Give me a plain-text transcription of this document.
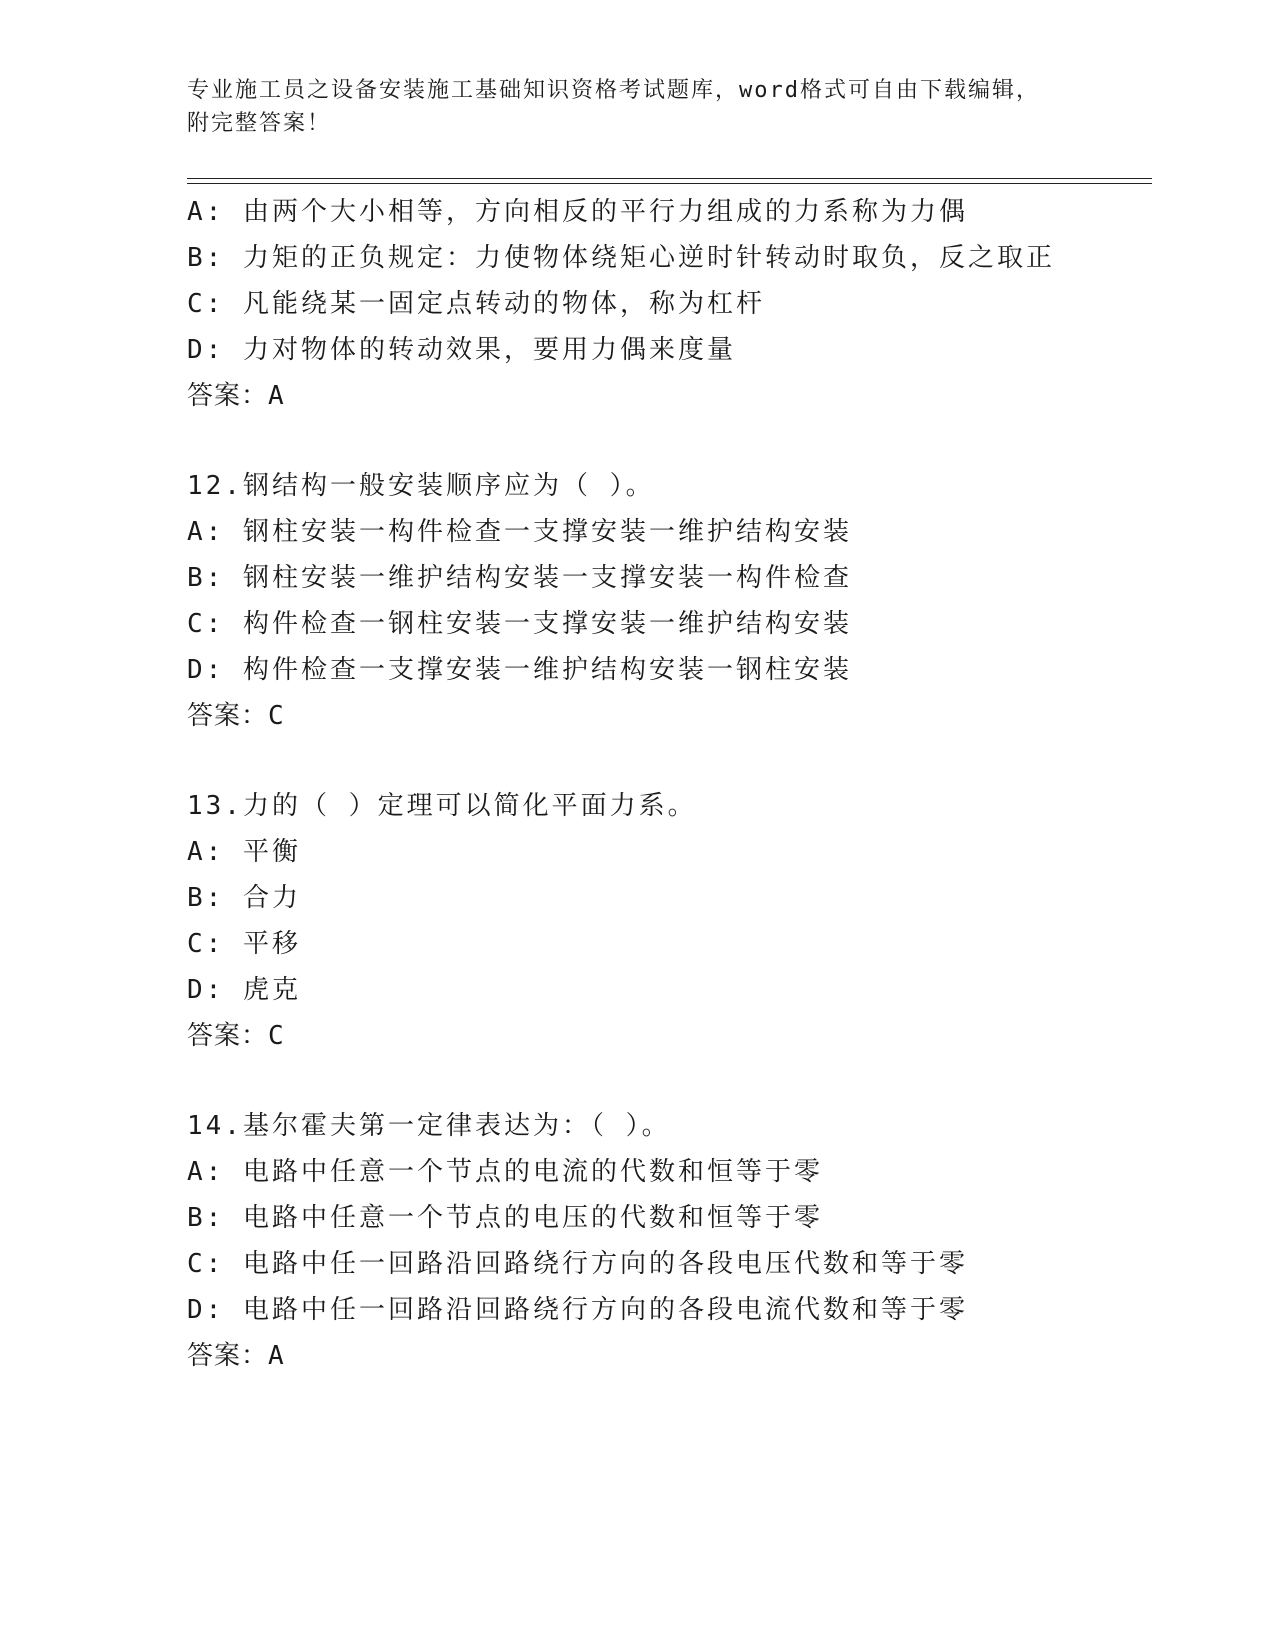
专业施工员之设备安装施工基础知识资格考试题库，word格式可自由下载编辑，
附完整答案！
A: 由两个大小相等，方向相反的平行力组成的力系称为力偶
B: 力矩的正负规定：力使物体绕矩心逆时针转动时取负，反之取正
C: 凡能绕某一固定点转动的物体，称为杠杆
D: 力对物体的转动效果，要用力偶来度量
答案：A
12.钢结构一般安装顺序应为（ ）。
A: 钢柱安装一构件检查一支撑安装一维护结构安装
B: 钢柱安装一维护结构安装一支撑安装一构件检查
C: 构件检查一钢柱安装一支撑安装一维护结构安装
D: 构件检查一支撑安装一维护结构安装一钢柱安装
答案：C
13.力的（ ）定理可以简化平面力系。
A: 平衡
B: 合力
C: 平移
D: 虎克
答案：C
14.基尔霍夫第一定律表达为：（ ）。
A: 电路中任意一个节点的电流的代数和恒等于零
B: 电路中任意一个节点的电压的代数和恒等于零
C: 电路中任一回路沿回路绕行方向的各段电压代数和等于零
D: 电路中任一回路沿回路绕行方向的各段电流代数和等于零
答案：A
